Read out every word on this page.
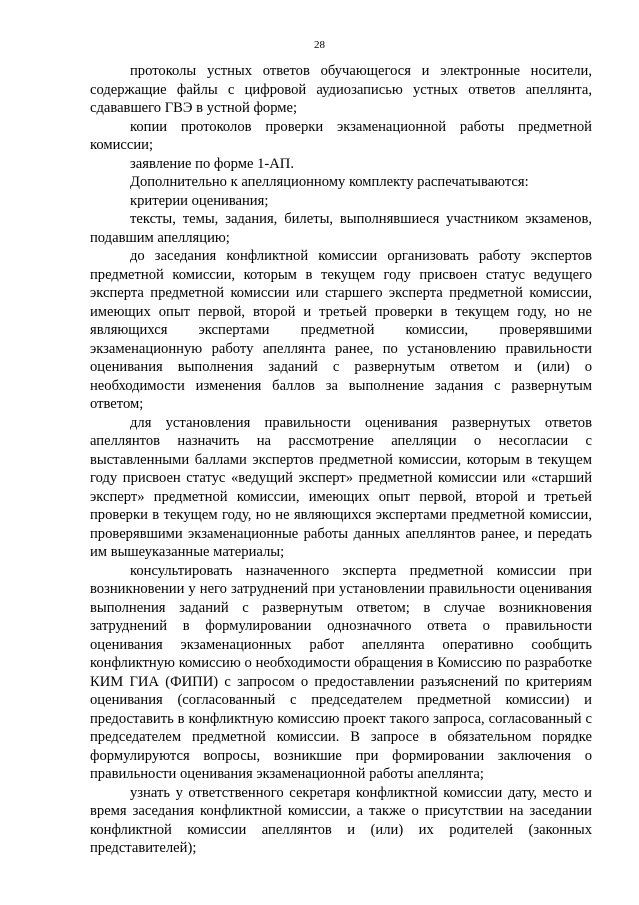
28

протоколы устных ответов обучающегося и электронные носители, содержащие файлы с цифровой аудиозаписью устных ответов апеллянта, сдававшего ГВЭ в устной форме;

копии протоколов проверки экзаменационной работы предметной комиссии;

заявление по форме 1-АП.

Дополнительно к апелляционному комплекту распечатываются:

критерии оценивания;

тексты, темы, задания, билеты, выполнявшиеся участником экзаменов, подавшим апелляцию;

до заседания конфликтной комиссии организовать работу экспертов предметной комиссии, которым в текущем году присвоен статус ведущего эксперта предметной комиссии или старшего эксперта предметной комиссии, имеющих опыт первой, второй и третьей проверки в текущем году, но не являющихся экспертами предметной комиссии, проверявшими экзаменационную работу апеллянта ранее, по установлению правильности оценивания выполнения заданий с развернутым ответом и (или) о необходимости изменения баллов за выполнение задания с развернутым ответом;

для установления правильности оценивания развернутых ответов апеллянтов назначить на рассмотрение апелляции о несогласии с выставленными баллами экспертов предметной комиссии, которым в текущем году присвоен статус «ведущий эксперт» предметной комиссии или «старший эксперт» предметной комиссии, имеющих опыт первой, второй и третьей проверки в текущем году, но не являющихся экспертами предметной комиссии, проверявшими экзаменационные работы данных апеллянтов ранее, и передать им вышеуказанные материалы;

консультировать назначенного эксперта предметной комиссии при возникновении у него затруднений при установлении правильности оценивания выполнения заданий с развернутым ответом; в случае возникновения затруднений в формулировании однозначного ответа о правильности оценивания экзаменационных работ апеллянта оперативно сообщить конфликтную комиссию о необходимости обращения в Комиссию по разработке КИМ ГИА (ФИПИ) с запросом о предоставлении разъяснений по критериям оценивания (согласованный с председателем предметной комиссии) и предоставить в конфликтную комиссию проект такого запроса, согласованный с председателем предметной комиссии. В запросе в обязательном порядке формулируются вопросы, возникшие при формировании заключения о правильности оценивания экзаменационной работы апеллянта;

узнать у ответственного секретаря конфликтной комиссии дату, место и время заседания конфликтной комиссии, а также о присутствии на заседании конфликтной комиссии апеллянтов и (или) их родителей (законных представителей);
